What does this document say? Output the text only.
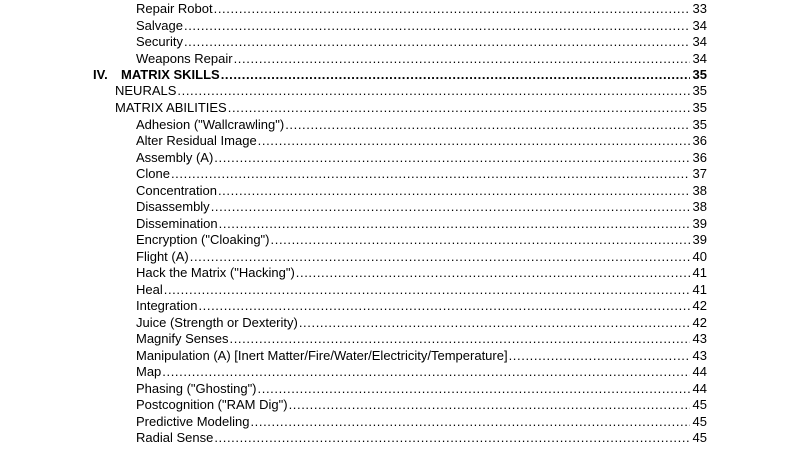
Repair Robot .....	33
Salvage .....	34
Security .....	34
Weapons Repair .....	34
IV. MATRIX SKILLS .....	35
NEURALS .....	35
MATRIX ABILITIES .....	35
Adhesion ("Wallcrawling") .....	35
Alter Residual Image .....	36
Assembly (A) .....	36
Clone .....	37
Concentration .....	38
Disassembly .....	38
Dissemination .....	39
Encryption ("Cloaking") .....	39
Flight (A) .....	40
Hack the Matrix ("Hacking") .....	41
Heal .....	41
Integration .....	42
Juice (Strength or Dexterity) .....	42
Magnify Senses .....	43
Manipulation (A) [Inert Matter/Fire/Water/Electricity/Temperature] .....	43
Map .....	44
Phasing ("Ghosting") .....	44
Postcognition ("RAM Dig") .....	45
Predictive Modeling .....	45
Radial Sense .....	45
